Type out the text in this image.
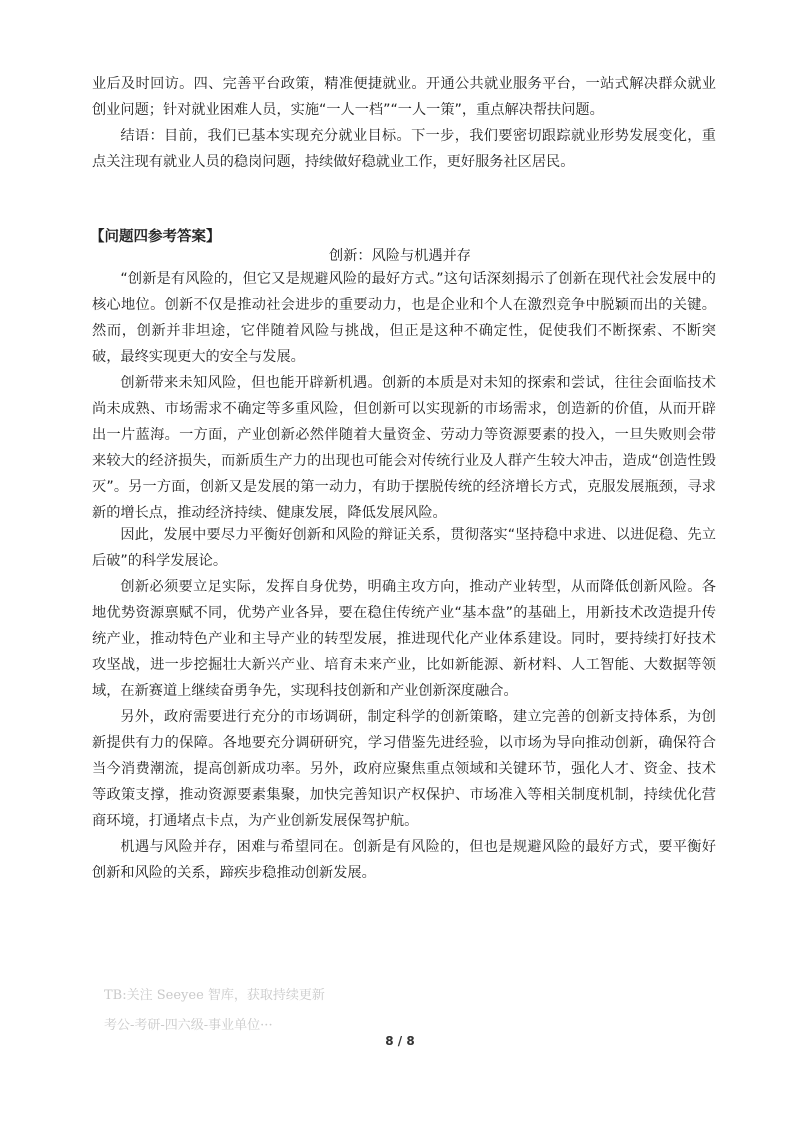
业后及时回访。四、完善平台政策，精准便捷就业。开通公共就业服务平台，一站式解决群众就业创业问题；针对就业困难人员，实施“一人一档”“一人一策”，重点解决帮扶问题。

结语：目前，我们已基本实现充分就业目标。下一步，我们要密切跟踪就业形势发展变化，重点关注现有就业人员的稳岗问题，持续做好稳就业工作，更好服务社区居民。

【问题四参考答案】

创新：风险与机遇并存

“创新是有风险的，但它又是规避风险的最好方式。”这句话深刻揭示了创新在现代社会发展中的核心地位。创新不仅是推动社会进步的重要动力，也是企业和个人在激烈竞争中脱颖而出的关键。然而，创新并非坦途，它伴随着风险与挑战，但正是这种不确定性，促使我们不断探索、不断突破，最终实现更大的安全与发展。

创新带来未知风险，但也能开辟新机遇。创新的本质是对未知的探索和尝试，往往会面临技术尚未成熟、市场需求不确定等多重风险，但创新可以实现新的市场需求，创造新的价值，从而开辟出一片蓝海。一方面，产业创新必然伴随着大量资金、劳动力等资源要素的投入，一旦失败则会带来较大的经济损失，而新质生产力的出现也可能会对传统行业及人群产生较大冲击，造成“创造性毁灭”。另一方面，创新又是发展的第一动力，有助于摆脱传统的经济增长方式，克服发展瓶颈，寻求新的增长点，推动经济持续、健康发展，降低发展风险。

因此，发展中要尽力平衡好创新和风险的辩证关系，贯彻落实“坚持稳中求进、以进促稳、先立后破”的科学发展论。

创新必须要立足实际，发挥自身优势，明确主攻方向，推动产业转型，从而降低创新风险。各地优势资源禀赋不同，优势产业各异，要在稳住传统产业“基本盘”的基础上，用新技术改造提升传统产业，推动特色产业和主导产业的转型发展，推进现代化产业体系建设。同时，要持续打好技术攻坚战，进一步挖掘壮大新兴产业、培育未来产业，比如新能源、新材料、人工智能、大数据等领域，在新赛道上继续奋勇争先，实现科技创新和产业创新深度融合。

另外，政府需要进行充分的市场调研，制定科学的创新策略，建立完善的创新支持体系，为创新提供有力的保障。各地要充分调研研究，学习借鉴先进经验，以市场为导向推动创新，确保符合当今消费潮流，提高创新成功率。另外，政府应聚焦重点领域和关键环节，强化人才、资金、技术等政策支撑，推动资源要素集聚，加快完善知识产权保护、市场准入等相关制度机制，持续优化营商环境，打通堵点卡点，为产业创新发展保驾护航。

机遇与风险并存，困难与希望同在。创新是有风险的，但也是规避风险的最好方式，要平衡好创新和风险的关系，蹄疾步稳推动创新发展。

TB:关注 Seeyee 智库，获取持续更新

考公-考研-四六级-事业单位···

8 / 8
